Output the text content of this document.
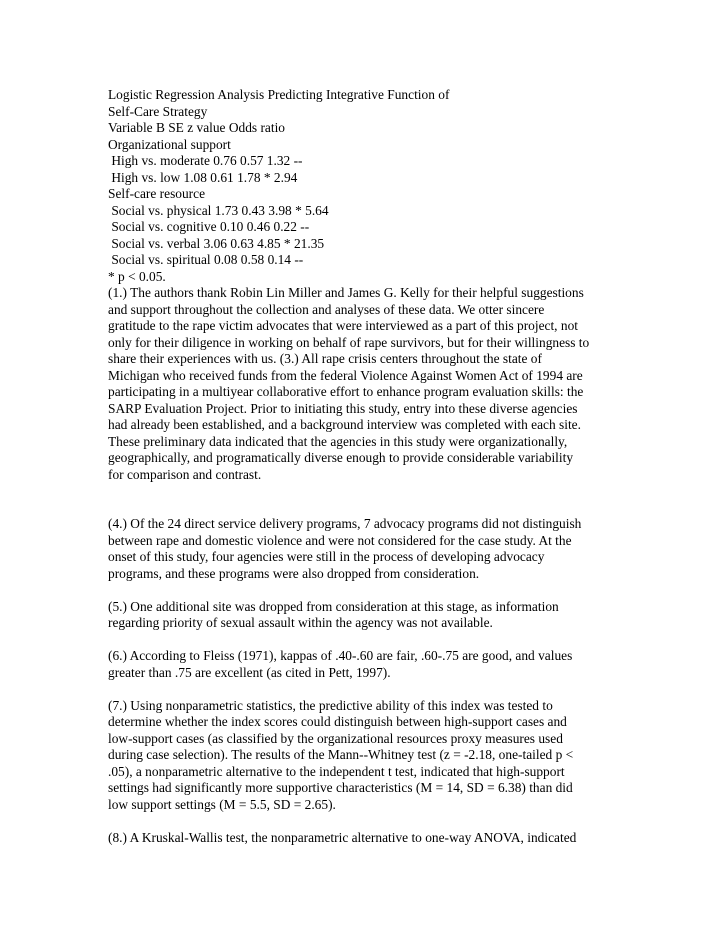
Logistic Regression Analysis Predicting Integrative Function of
Self-Care Strategy
Variable B SE z value Odds ratio
Organizational support
High vs. moderate 0.76 0.57 1.32 --
High vs. low 1.08 0.61 1.78 * 2.94
Self-care resource
Social vs. physical 1.73 0.43 3.98 * 5.64
Social vs. cognitive 0.10 0.46 0.22 --
Social vs. verbal 3.06 0.63 4.85 * 21.35
Social vs. spiritual 0.08 0.58 0.14 --
* p < 0.05.
(1.) The authors thank Robin Lin Miller and James G. Kelly for their helpful suggestions
and support throughout the collection and analyses of these data. We otter sincere
gratitude to the rape victim advocates that were interviewed as a part of this project, not
only for their diligence in working on behalf of rape survivors, but for their willingness to
share their experiences with us. (3.) All rape crisis centers throughout the state of
Michigan who received funds from the federal Violence Against Women Act of 1994 are
participating in a multiyear collaborative effort to enhance program evaluation skills: the
SARP Evaluation Project. Prior to initiating this study, entry into these diverse agencies
had already been established, and a background interview was completed with each site.
These preliminary data indicated that the agencies in this study were organizationally,
geographically, and programatically diverse enough to provide considerable variability
for comparison and contrast.
(4.) Of the 24 direct service delivery programs, 7 advocacy programs did not distinguish
between rape and domestic violence and were not considered for the case study. At the
onset of this study, four agencies were still in the process of developing advocacy
programs, and these programs were also dropped from consideration.
(5.) One additional site was dropped from consideration at this stage, as information
regarding priority of sexual assault within the agency was not available.
(6.) According to Fleiss (1971), kappas of .40-.60 are fair, .60-.75 are good, and values
greater than .75 are excellent (as cited in Pett, 1997).
(7.) Using nonparametric statistics, the predictive ability of this index was tested to
determine whether the index scores could distinguish between high-support cases and
low-support cases (as classified by the organizational resources proxy measures used
during case selection). The results of the Mann--Whitney test (z = -2.18, one-tailed p <
.05), a nonparametric alternative to the independent t test, indicated that high-support
settings had significantly more supportive characteristics (M = 14, SD = 6.38) than did
low support settings (M = 5.5, SD = 2.65).
(8.) A Kruskal-Wallis test, the nonparametric alternative to one-way ANOVA, indicated
